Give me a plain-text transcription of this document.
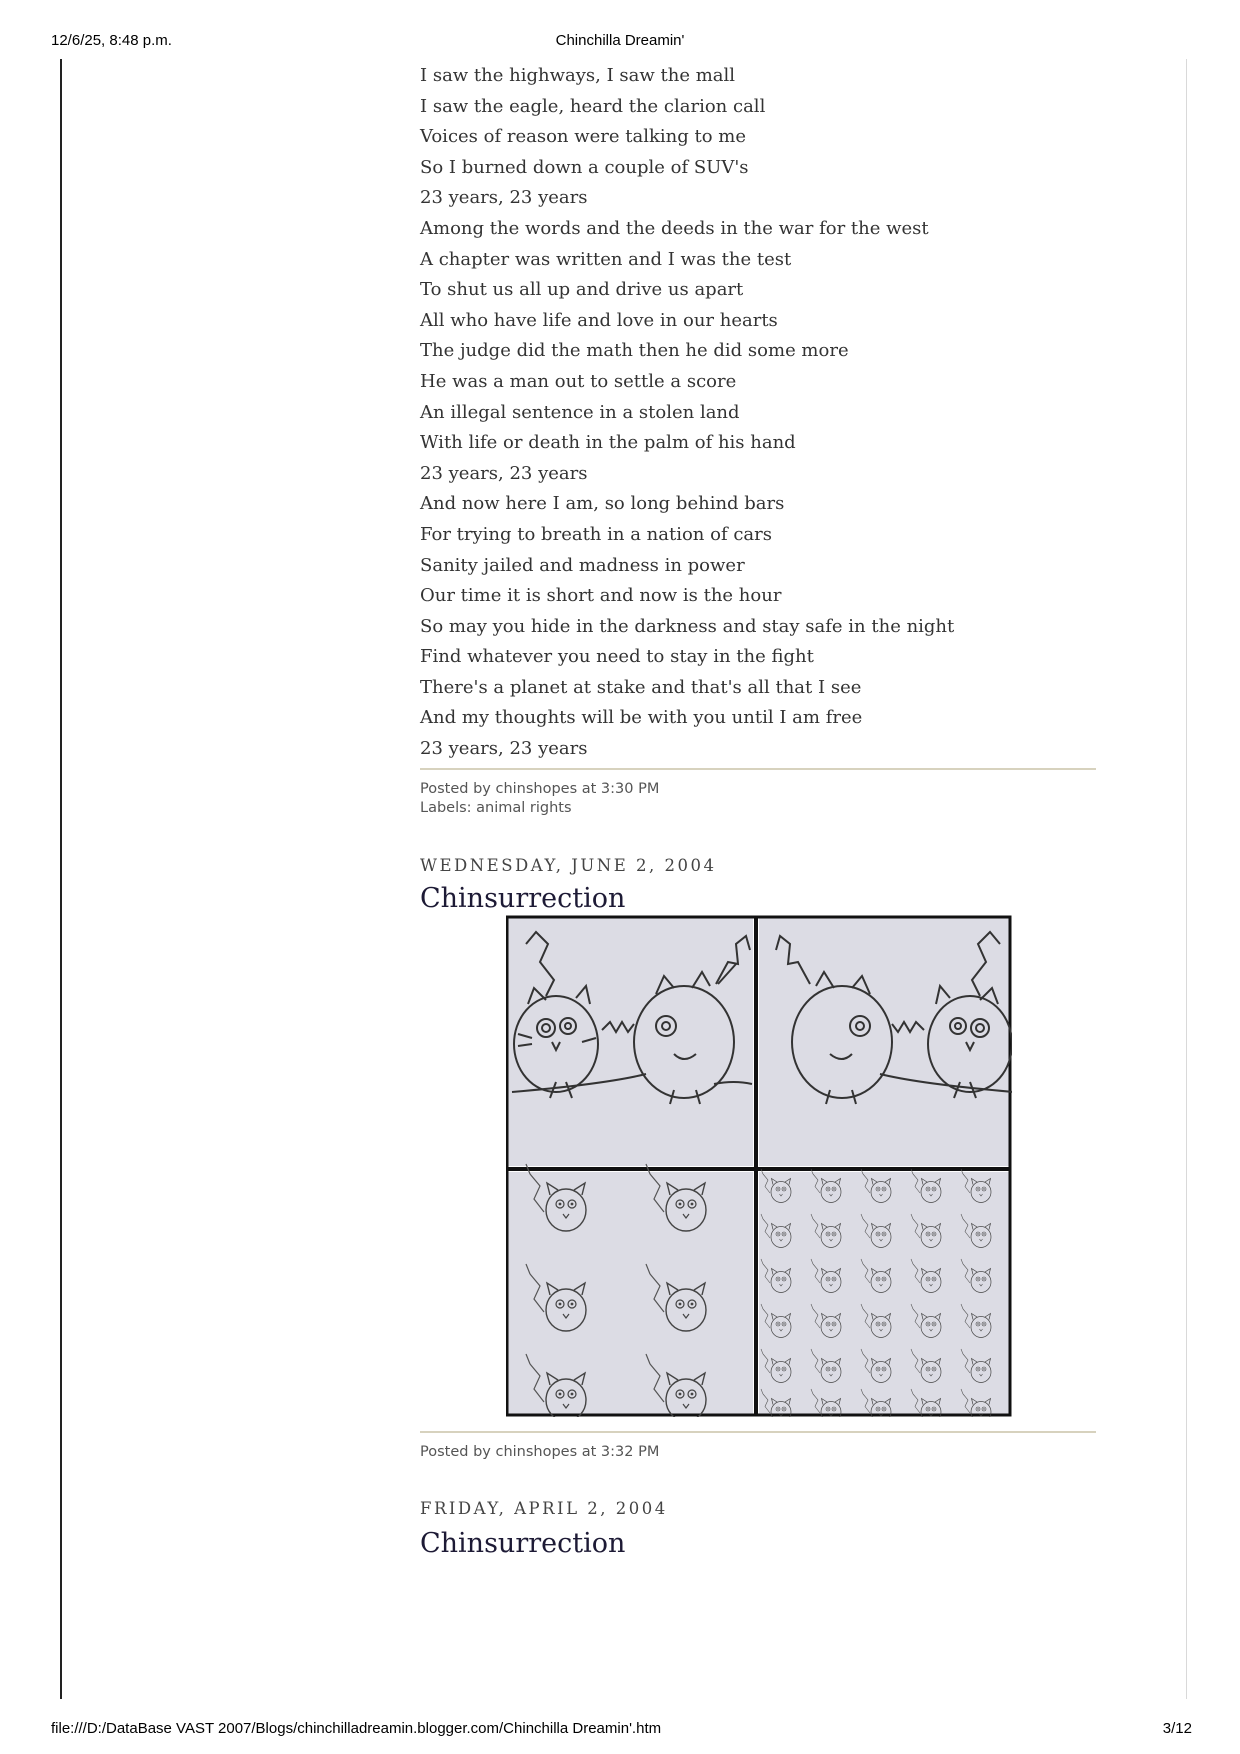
Chinchilla Dreamin'
12/6/25, 8:48 p.m.
I saw the highways, I saw the mall
I saw the eagle, heard the clarion call
Voices of reason were talking to me
So I burned down a couple of SUV's
23 years, 23 years
Among the words and the deeds in the war for the west
A chapter was written and I was the test
To shut us all up and drive us apart
All who have life and love in our hearts
The judge did the math then he did some more
He was a man out to settle a score
An illegal sentence in a stolen land
With life or death in the palm of his hand
23 years, 23 years
And now here I am, so long behind bars
For trying to breath in a nation of cars
Sanity jailed and madness in power
Our time it is short and now is the hour
So may you hide in the darkness and stay safe in the night
Find whatever you need to stay in the fight
There's a planet at stake and that's all that I see
And my thoughts will be with you until I am free
23 years, 23 years
Posted by chinshopes at 3:30 PM
Labels: animal rights
WEDNESDAY, JUNE 2, 2004
Chinsurrection
Posted by chinshopes at 3:32 PM
FRIDAY, APRIL 2, 2004
Chinsurrection
file:///D:/DataBase VAST 2007/Blogs/chinchilladreamin.blogger.com/Chinchilla Dreamin'.htm	3/12
